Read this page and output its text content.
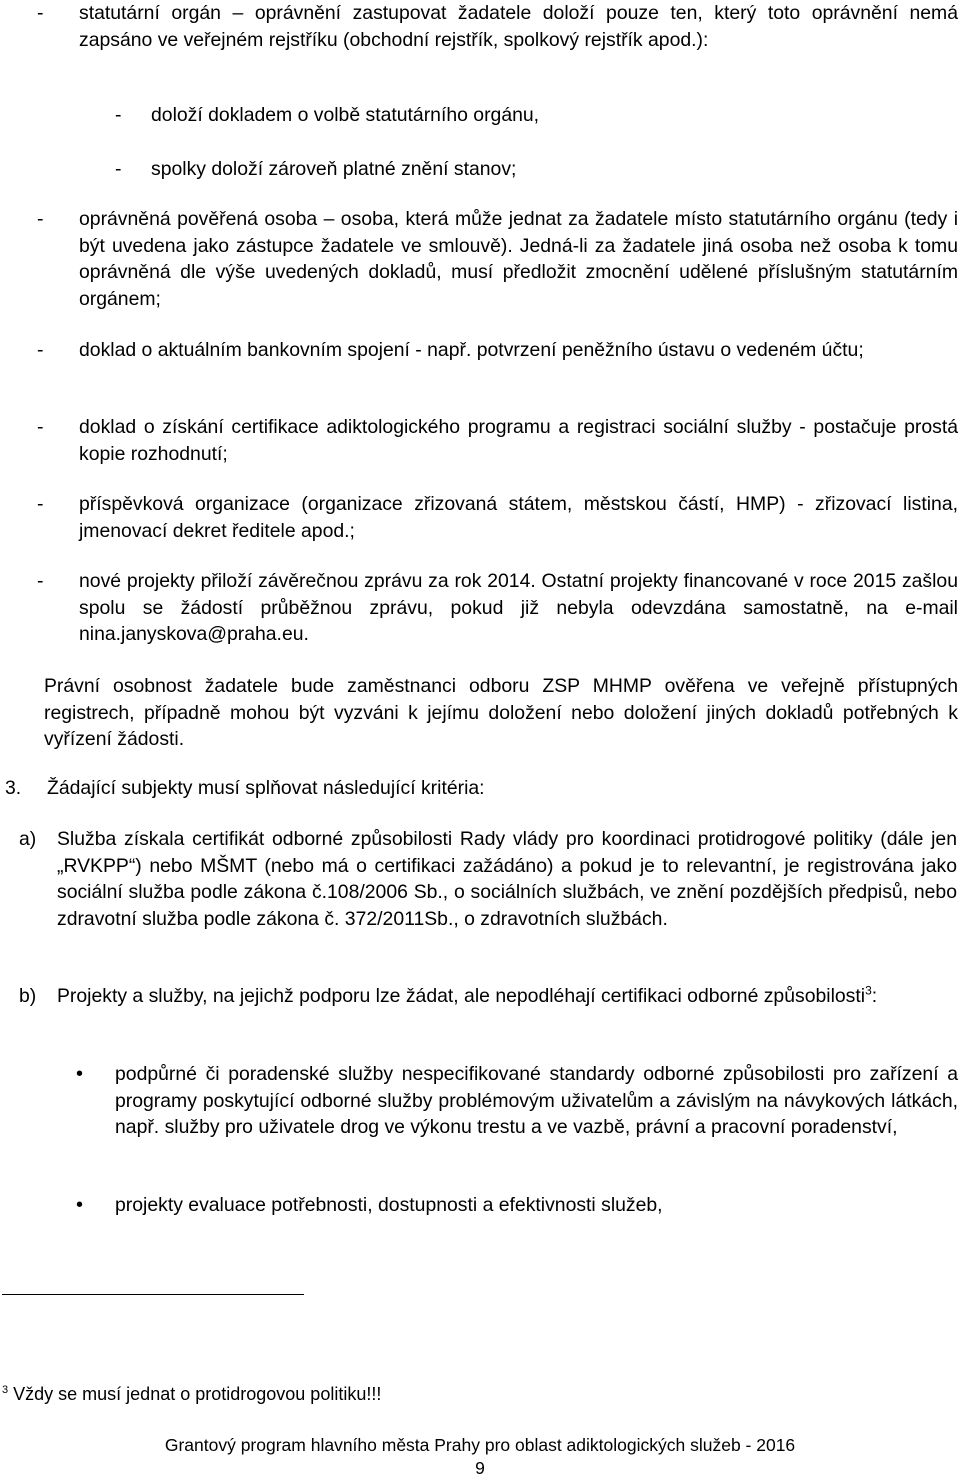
- statutární orgán – oprávnění zastupovat žadatele doloží pouze ten, který toto oprávnění nemá zapsáno ve veřejném rejstříku (obchodní rejstřík, spolkový rejstřík apod.):
- doloží dokladem o volbě statutárního orgánu,
- spolky doloží zároveň platné znění stanov;
- oprávněná pověřená osoba – osoba, která může jednat za žadatele místo statutárního orgánu (tedy i být uvedena jako zástupce žadatele ve smlouvě). Jedná-li za žadatele jiná osoba než osoba k tomu oprávněná dle výše uvedených dokladů, musí předložit zmocnění udělené příslušným statutárním orgánem;
- doklad o aktuálním bankovním spojení - např. potvrzení peněžního ústavu o vedeném účtu;
- doklad o získání certifikace adiktologického programu a registraci sociální služby - postačuje prostá kopie rozhodnutí;
- příspěvková organizace (organizace zřizovaná státem, městskou částí, HMP) - zřizovací listina, jmenovací dekret ředitele apod.;
- nové projekty přiloží závěrečnou zprávu za rok 2014. Ostatní projekty financované v roce 2015 zašlou spolu se žádostí průběžnou zprávu, pokud již nebyla odevzdána samostatně, na e-mail nina.janyskova@praha.eu.
Právní osobnost žadatele bude zaměstnanci odboru ZSP MHMP ověřena ve veřejně přístupných registrech, případně mohou být vyzváni k jejímu doložení nebo doložení jiných dokladů potřebných k vyřízení žádosti.
3. Žádající subjekty musí splňovat následující kritéria:
a) Služba získala certifikát odborné způsobilosti Rady vlády pro koordinaci protidrogové politiky (dále jen „RVKPP“) nebo MŠMT (nebo má o certifikaci zažádáno) a pokud je to relevantní, je registrována jako sociální služba podle zákona č.108/2006 Sb., o sociálních službách, ve znění pozdějších předpisů, nebo zdravotní služba podle zákona č. 372/2011Sb., o zdravotních službách.
b) Projekty a služby, na jejichž podporu lze žádat, ale nepodléhají certifikaci odborné způsobilosti$^3$:
• podpůrné či poradenské služby nespecifikované standardy odborné způsobilosti pro zařízení a programy poskytující odborné služby problémovým uživatelům a závislým na návykových látkách, např. služby pro uživatele drog ve výkonu trestu a ve vazbě, právní a pracovní poradenství,
• projekty evaluace potřebnosti, dostupnosti a efektivnosti služeb,
$^3$ Vždy se musí jednat o protidrogovou politiku!!!
Grantový program hlavního města Prahy pro oblast adiktologických služeb - 2016
9
